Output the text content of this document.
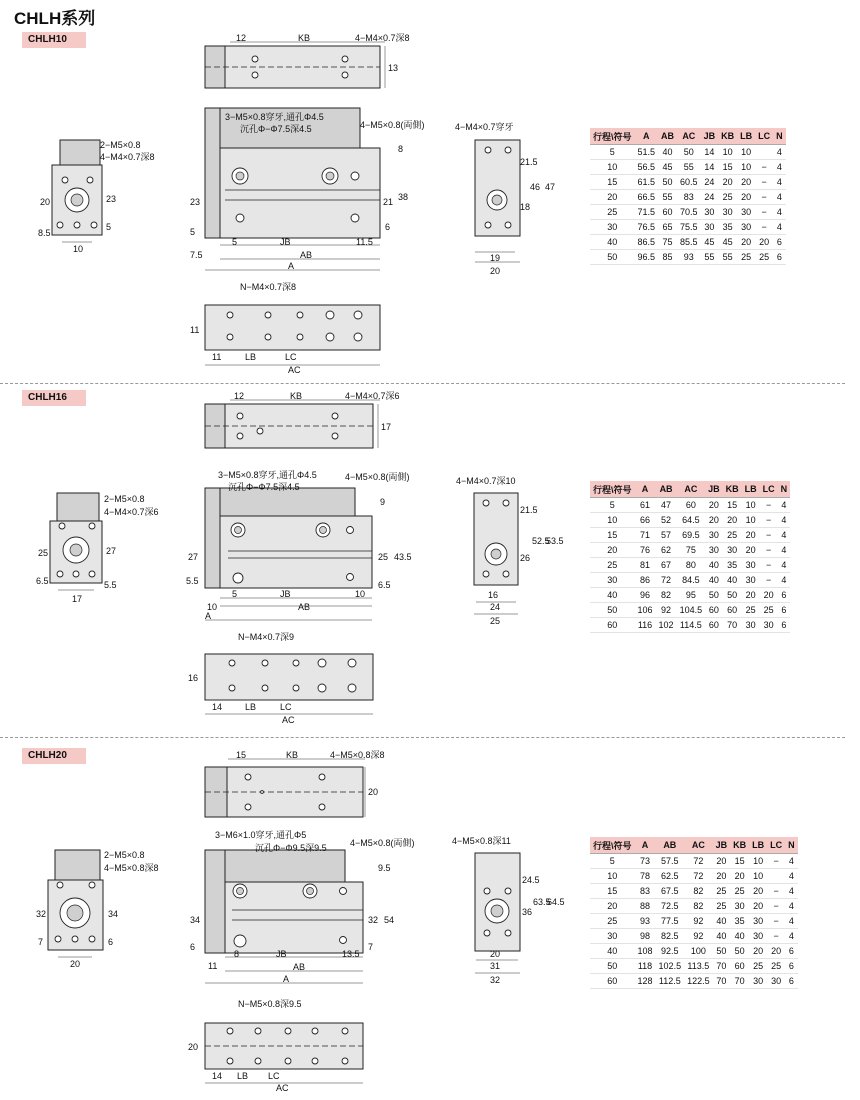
CHLH系列
CHLH10	12	KB	4−M4×0.7深8
13
2−M5×0.8
4−M4×0.7深8
20	23
8.5
5
10
3−M5×0.8穿牙,通孔Φ4.5
沉孔Φ−Φ7.5深4.5	4−M5×0.8(両側)
8
23	21 38
5	6
5	JB	11.5
7.5	AB
A
4−M4×0.7穿牙
21.5
18
46 47
19
20
N−M4×0.7深8
11
11	LB	LC
AC
行程\符号	A	AB	AC	JB	KB	LB	LC	N
5	51.5	40	50	14	10	10		4
10	56.5	45	55	14	15	10	−	4
15	61.5	50	60.5	24	20	20	−	4
20	66.5	55	83	24	25	20	−	4
25	71.5	60	70.5	30	30	30	−	4
30	76.5	65	75.5	30	35	30	−	4
40	86.5	75	85.5	45	45	20	20	6
50	96.5	85	93	55	55	25	25	6
CHLH16	12	KB	4−M4×0.7深6
17
2−M5×0.8
4−M4×0.7深6
25	27
6.5	5.5
17
3−M5×0.8穿牙,通孔Φ4.5
沉孔Φ−Φ7.5深4.5
4−M5×0.8(両側)
9
27	25 43.5
5.5	6.5
5	JB	10
10	AB
A
4−M4×0.7深10
21.5
26
52.5
53.5
16
24
25
N−M4×0.7深9
16
14	LB	LC
AC
行程\符号	A	AB	AC	JB	KB	LB	LC	N
5	61	47	60	20	15	10	−	4
10	66	52	64.5	20	20	10	−	4
15	71	57	69.5	30	25	20	−	4
20	76	62	75	30	30	20	−	4
25	81	67	80	40	35	30	−	4
30	86	72	84.5	40	40	30	−	4
40	96	82	95	50	50	20	20	6
50	106	92	104.5	60	60	25	25	6
60	116	102	114.5	60	70	30	30	6
CHLH20	15	KB	4−M5×0.8深8
20
2−M5×0.8
4−M5×0.8深8
32	34
7	6
20
3−M6×1.0穿牙,通孔Φ5
沉孔Φ−Φ9.5深9.5	4−M5×0.8(両側)
9.5
34	32 54
6	7
8	JB	13.5
11	AB
A
4−M5×0.8深11
24.5
36
63.5
64.5
20
31
32
N−M5×0.8深9.5
20
14 LB LC
AC
行程\符号	A	AB	AC	JB	KB	LB	LC	N
5	73	57.5	72	20	15	10	−	4
10	78	62.5	72	20	20	10		4
15	83	67.5	82	25	25	20	−	4
20	88	72.5	82	25	30	20	−	4
25	93	77.5	92	40	35	30	−	4
30	98	82.5	92	40	40	30	−	4
40	108	92.5	100	50	50	20	20	6
50	118	102.5	113.5	70	60	25	25	6
60	128	112.5	122.5	70	70	30	30	6
